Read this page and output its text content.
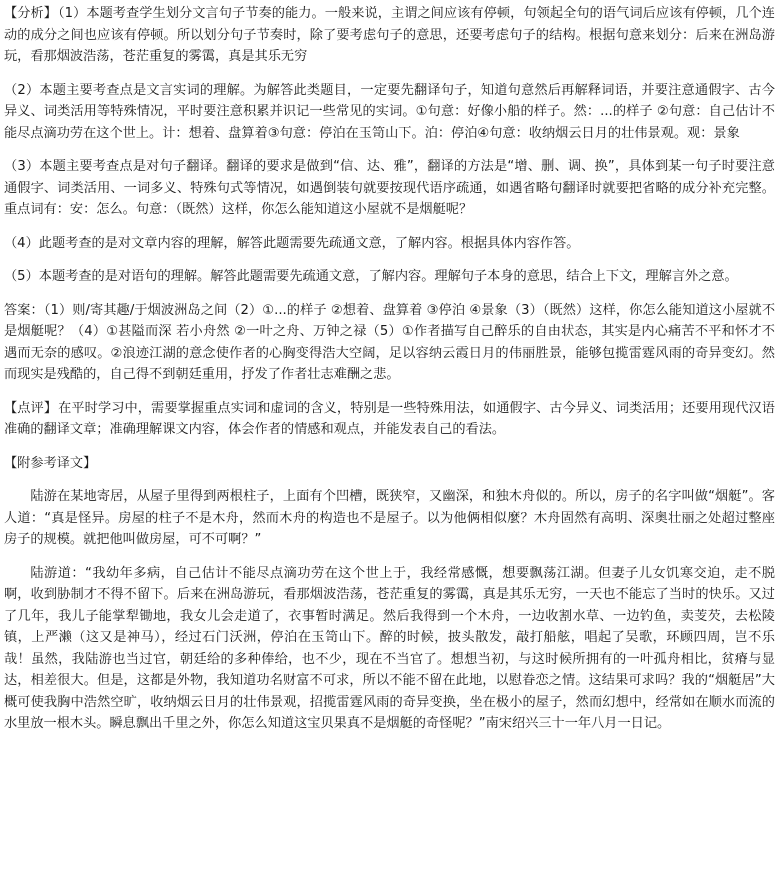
【分析】（1）本题考查学生划分文言句子节奏的能力。一般来说，主谓之间应该有停顿，句领起全句的语气词后应该有停顿，几个连动的成分之间也应该有停顿。所以划分句子节奏时，除了要考虑句子的意思，还要考虑句子的结构。根据句意来划分：后来在洲岛游玩，看那烟波浩荡，苍茫重复的雾霭，真是其乐无穷

（2）本题主要考查点是文言实词的理解。为解答此类题目，一定要先翻译句子，知道句意然后再解释词语，并要注意通假字、古今异义、词类活用等特殊情况，平时要注意积累并识记一些常见的实词。①句意：好像小船的样子。然：...的样子 ②句意：自己估计不能尽点滴功劳在这个世上。计：想着、盘算着③句意：停泊在玉笥山下。泊：停泊④句意：收纳烟云日月的壮伟景观。观：景象

（3）本题主要考查点是对句子翻译。翻译的要求是做到“信、达、雅”，翻译的方法是“增、删、调、换”，具体到某一句子时要注意通假字、词类活用、一词多义、特殊句式等情况，如遇倒装句就要按现代语序疏通，如遇省略句翻译时就要把省略的成分补充完整。重点词有：安：怎么。句意：（既然）这样，你怎么能知道这小屋就不是烟艇呢？

（4）此题考查的是对文章内容的理解，解答此题需要先疏通文意，了解内容。根据具体内容作答。

（5）本题考查的是对语句的理解。解答此题需要先疏通文意，了解内容。理解句子本身的意思，结合上下文，理解言外之意。

答案：（1）则/寄其趣/于烟波洲岛之间（2）①...的样子 ②想着、盘算着 ③停泊 ④景象（3）（既然）这样，你怎么能知道这小屋就不是烟艇呢？（4）①甚隘而深 若小舟然 ②一叶之舟、万钟之禄（5）①作者描写自己醉乐的自由状态，其实是内心痛苦不平和怀才不遇而无奈的感叹。②浪迹江湖的意念使作者的心胸变得浩大空阔，足以容纳云霞日月的伟丽胜景，能够包揽雷霆风雨的奇异变幻。然而现实是残酷的，自己得不到朝廷重用，抒发了作者壮志难酬之悲。

【点评】在平时学习中，需要掌握重点实词和虚词的含义，特别是一些特殊用法，如通假字、古今异义、词类活用；还要用现代汉语准确的翻译文章；准确理解课文内容，体会作者的情感和观点，并能发表自己的看法。

【附参考译文】

陆游在某地寄居，从屋子里得到两根柱子，上面有个凹槽，既狭窄，又幽深，和独木舟似的。所以，房子的名字叫做“烟艇”。客人道：“真是怪异。房屋的柱子不是木舟，然而木舟的构造也不是屋子。以为他俩相似麼？木舟固然有高明、深奥壮丽之处超过整座房子的规模。就把他叫做房屋，可不可啊？”

陆游道：“我幼年多病，自己估计不能尽点滴功劳在这个世上于，我经常感慨，想要飘荡江湖。但妻子儿女饥寒交迫，走不脱啊，收到胁制才不得不留下。后来在洲岛游玩，看那烟波浩荡，苍茫重复的雾霭，真是其乐无穷，一天也不能忘了当时的快乐。又过了几年，我儿子能掌犁锄地，我女儿会走道了，衣事暂时满足。然后我得到一个木舟，一边收割水草、一边钓鱼，卖芰芡，去松陵镇，上严濑（这又是神马），经过石门沃洲，停泊在玉笥山下。醉的时候，披头散发，敲打船舷，唱起了吴歌，环顾四周，岂不乐哉！虽然，我陆游也当过官，朝廷给的多种俸给，也不少，现在不当官了。想想当初，与这时候所拥有的一叶孤舟相比，贫瘠与显达，相差很大。但是，这都是外物，我知道功名财富不可求，所以不能不留在此地，以慰眷恋之情。这结果可求吗？我的“烟艇居”大概可使我胸中浩然空旷，收纳烟云日月的壮伟景观，招揽雷霆风雨的奇异变换，坐在极小的屋子，然而幻想中，经常如在顺水而流的水里放一根木头。瞬息飘出千里之外，你怎么知道这宝贝果真不是烟艇的奇怪呢？”南宋绍兴三十一年八月一日记。
